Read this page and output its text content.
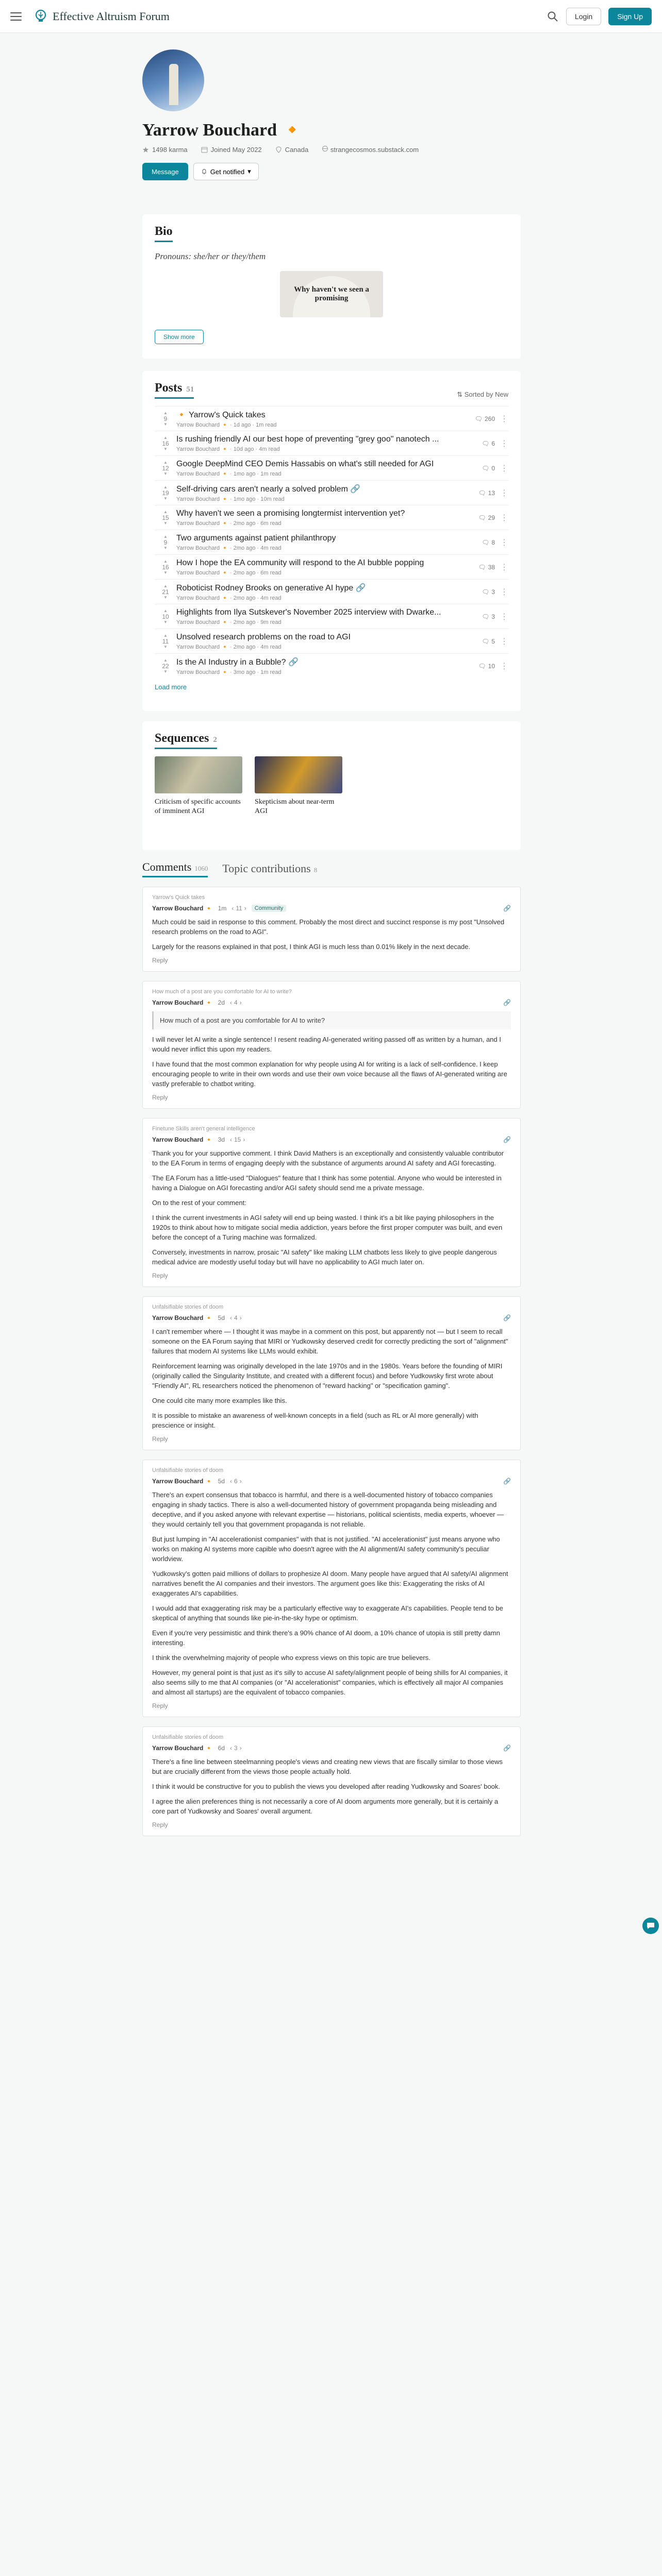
Effective Altruism Forum	Login	Sign Up
Yarrow Bouchard 🔸
1498 karma	Joined May 2022	Canada	strangecosmos.substack.com
Message	Get notified ▾
Bio

Pronouns: she/her or they/them

Why haven't we seen a promising
Show more
Posts 51
⇅ Sorted by New
▲
9
▼
🔸 Yarrow's Quick takes
Yarrow Bouchard 🔸 · 1d ago · 1m read
🗨 260 ⋮
▲
16
▼
Is rushing friendly AI our best hope of preventing "grey goo" nanotech ...
Yarrow Bouchard 🔸 · 10d ago · 4m read
🗨 6 ⋮
▲
12
▼
Google DeepMind CEO Demis Hassabis on what's still needed for AGI
Yarrow Bouchard 🔸 · 1mo ago · 1m read
🗨 0 ⋮
▲
19
▼
Self-driving cars aren't nearly a solved problem 🔗
Yarrow Bouchard 🔸 · 1mo ago · 10m read
🗨 13 ⋮
▲
15
▼
Why haven't we seen a promising longtermist intervention yet?
Yarrow Bouchard 🔸 · 2mo ago · 6m read
🗨 29 ⋮
▲
9
▼
Two arguments against patient philanthropy
Yarrow Bouchard 🔸 · 2mo ago · 4m read
🗨 8 ⋮
▲
16
▼
How I hope the EA community will respond to the AI bubble popping
Yarrow Bouchard 🔸 · 2mo ago · 6m read
🗨 38 ⋮
▲
21
▼
Roboticist Rodney Brooks on generative AI hype 🔗
Yarrow Bouchard 🔸 · 2mo ago · 4m read
🗨 3 ⋮
▲
10
▼
Highlights from Ilya Sutskever's November 2025 interview with Dwarke...
Yarrow Bouchard 🔸 · 2mo ago · 9m read
🗨 3 ⋮
▲
11
▼
Unsolved research problems on the road to AGI
Yarrow Bouchard 🔸 · 2mo ago · 4m read
🗨 5 ⋮
▲
22
▼
Is the AI Industry in a Bubble? 🔗
Yarrow Bouchard 🔸 · 3mo ago · 1m read
🗨 10 ⋮
Load more
Sequences 2
Criticism of specific accounts of imminent AGI
Skepticism about near-term AGI
Comments 1060 Topic contributions 8
Yarrow's Quick takes
Yarrow Bouchard 🔸 1m ‹ 11 ›	Community	🔗

Much could be said in response to this comment. Probably the most direct and succinct response is my post "Unsolved research problems on the road to AGI".

Largely for the reasons explained in that post, I think AGI is much less than 0.01% likely in the next decade.

Reply
How much of a post are you comfortable for AI to write?
Yarrow Bouchard 🔸 2d ‹ 4 ›	🔗
How much of a post are you comfortable for AI to write?

I will never let AI write a single sentence! I resent reading AI-generated writing passed off as written by a human, and I would never inflict this upon my readers.

I have found that the most common explanation for why people using AI for writing is a lack of self-confidence. I keep encouraging people to write in their own words and use their own voice because all the flaws of AI-generated writing are vastly preferable to chatbot writing.

Reply
Finetune Skills aren't general intelligence
Yarrow Bouchard 🔸 3d ‹ 15 ›	🔗

Thank you for your supportive comment. I think David Mathers is an exceptionally and consistently valuable contributor to the EA Forum in terms of engaging deeply with the substance of arguments around AI safety and AGI forecasting.

The EA Forum has a little-used "Dialogues" feature that I think has some potential. Anyone who would be interested in having a Dialogue on AGI forecasting and/or AGI safety should send me a private message.

On to the rest of your comment:

I think the current investments in AGI safety will end up being wasted. I think it's a bit like paying philosophers in the 1920s to think about how to mitigate social media addiction, years before the first proper computer was built, and even before the concept of a Turing machine was formalized.

Conversely, investments in narrow, prosaic "AI safety" like making LLM chatbots less likely to give people dangerous medical advice are modestly useful today but will have no applicability to AGI much later on.

Reply
Unfalsifiable stories of doom
Yarrow Bouchard 🔸 5d ‹ 4 ›	🔗

I can't remember where — I thought it was maybe in a comment on this post, but apparently not — but I seem to recall someone on the EA Forum saying that MIRI or Yudkowsky deserved credit for correctly predicting the sort of "alignment" failures that modern AI systems like LLMs would exhibit.

Reinforcement learning was originally developed in the late 1970s and in the 1980s. Years before the founding of MIRI (originally called the Singularity Institute, and created with a different focus) and before Yudkowsky first wrote about "Friendly AI", RL researchers noticed the phenomenon of "reward hacking" or "specification gaming".

One could cite many more examples like this.

It is possible to mistake an awareness of well-known concepts in a field (such as RL or AI more generally) with prescience or insight.

Reply
Unfalsifiable stories of doom
Yarrow Bouchard 🔸 5d ‹ 6 ›	🔗

There's an expert consensus that tobacco is harmful, and there is a well-documented history of tobacco companies engaging in shady tactics. There is also a well-documented history of government propaganda being misleading and deceptive, and if you asked anyone with relevant expertise — historians, political scientists, media experts, whoever — they would certainly tell you that government propaganda is not reliable.

But just lumping in "AI accelerationist companies" with that is not justified. "AI accelerationist" just means anyone who works on making AI systems more capible who doesn't agree with the AI alignment/AI safety community's peculiar worldview.

Yudkowsky's gotten paid millions of dollars to prophesize AI doom. Many people have argued that AI safety/AI alignment narratives benefit the AI companies and their investors. The argument goes like this: Exaggerating the risks of AI exaggerates AI's capabilities.

I would add that exaggerating risk may be a particularly effective way to exaggerate AI's capabilities. People tend to be skeptical of anything that sounds like pie-in-the-sky hype or optimism.

Even if you're very pessimistic and think there's a 90% chance of AI doom, a 10% chance of utopia is still pretty damn interesting.

I think the overwhelming majority of people who express views on this topic are true believers.

However, my general point is that just as it's silly to accuse AI safety/alignment people of being shills for AI companies, it also seems silly to me that AI companies (or "AI accelerationist" companies, which is effectively all major AI companies and almost all startups) are the equivalent of tobacco companies.

Reply
Unfalsifiable stories of doom
Yarrow Bouchard 🔸 6d ‹ 3 ›	🔗

There's a fine line between steelmanning people's views and creating new views that are fiscally similar to those views but are crucially different from the views those people actually hold.

I think it would be constructive for you to publish the views you developed after reading Yudkowsky and Soares' book.

I agree the alien preferences thing is not necessarily a core of AI doom arguments more generally, but it is certainly a core part of Yudkowsky and Soares' overall argument.

Reply
